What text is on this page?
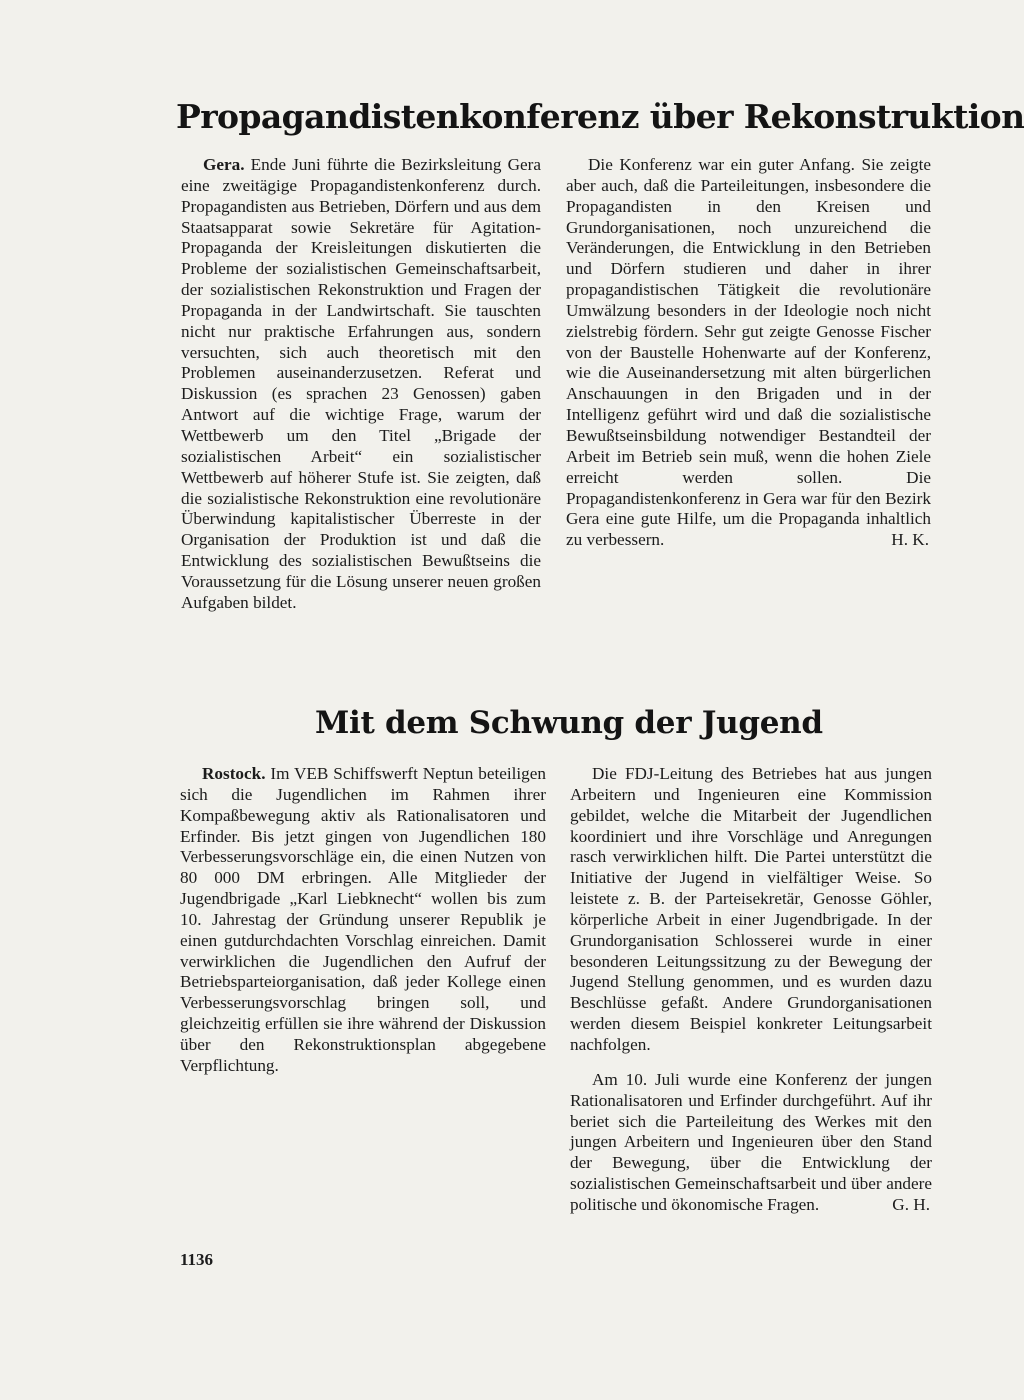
Propagandistenkonferenz über Rekonstruktion

Gera. Ende Juni führte die Bezirksleitung Gera eine zweitägige Propagandistenkonferenz durch. Propagandisten aus Betrieben, Dörfern und aus dem Staatsapparat sowie Sekretäre für Agitation-Propaganda der Kreisleitungen diskutierten die Probleme der sozialistischen Gemeinschaftsarbeit, der sozialistischen Rekonstruktion und Fragen der Propaganda in der Landwirtschaft. Sie tauschten nicht nur praktische Erfahrungen aus, sondern versuchten, sich auch theoretisch mit den Problemen auseinanderzusetzen. Referat und Diskussion (es sprachen 23 Genossen) gaben Antwort auf die wichtige Frage, warum der Wettbewerb um den Titel „Brigade der sozialistischen Arbeit“ ein sozialistischer Wettbewerb auf höherer Stufe ist. Sie zeigten, daß die sozialistische Rekonstruktion eine revolutionäre Überwindung kapitalistischer Überreste in der Organisation der Produktion ist und daß die Entwicklung des sozialistischen Bewußtseins die Voraussetzung für die Lösung unserer neuen großen Aufgaben bildet.

Die Konferenz war ein guter Anfang. Sie zeigte aber auch, daß die Parteileitungen, insbesondere die Propagandisten in den Kreisen und Grundorganisationen, noch unzureichend die Veränderungen, die Entwicklung in den Betrieben und Dörfern studieren und daher in ihrer propagandistischen Tätigkeit die revolutionäre Umwälzung besonders in der Ideologie noch nicht zielstrebig fördern. Sehr gut zeigte Genosse Fischer von der Baustelle Hohenwarte auf der Konferenz, wie die Auseinandersetzung mit alten bürgerlichen Anschauungen in den Brigaden und in der Intelligenz geführt wird und daß die sozialistische Bewußtseinsbildung notwendiger Bestandteil der Arbeit im Betrieb sein muß, wenn die hohen Ziele erreicht werden sollen. Die Propagandistenkonferenz in Gera war für den Bezirk Gera eine gute Hilfe, um die Propaganda inhaltlich zu verbessern.	H. K.

Mit dem Schwung der Jugend

Rostock. Im VEB Schiffswerft Neptun beteiligen sich die Jugendlichen im Rahmen ihrer Kompaßbewegung aktiv als Rationalisatoren und Erfinder. Bis jetzt gingen von Jugendlichen 180 Verbesserungsvorschläge ein, die einen Nutzen von 80 000 DM erbringen. Alle Mitglieder der Jugendbrigade „Karl Liebknecht“ wollen bis zum 10. Jahrestag der Gründung unserer Republik je einen gutdurchdachten Vorschlag einreichen. Damit verwirklichen die Jugendlichen den Aufruf der Betriebsparteiorganisation, daß jeder Kollege einen Verbesserungsvorschlag bringen soll, und gleichzeitig erfüllen sie ihre während der Diskussion über den Rekonstruktionsplan abgegebene Verpflichtung.

Die FDJ-Leitung des Betriebes hat aus jungen Arbeitern und Ingenieuren eine Kommission gebildet, welche die Mitarbeit der Jugendlichen koordiniert und ihre Vorschläge und Anregungen rasch verwirklichen hilft. Die Partei unterstützt die Initiative der Jugend in vielfältiger Weise. So leistete z. B. der Parteisekretär, Genosse Göhler, körperliche Arbeit in einer Jugendbrigade. In der Grundorganisation Schlosserei wurde in einer besonderen Leitungssitzung zu der Bewegung der Jugend Stellung genommen, und es wurden dazu Beschlüsse gefaßt. Andere Grundorganisationen werden diesem Beispiel konkreter Leitungsarbeit nachfolgen.

Am 10. Juli wurde eine Konferenz der jungen Rationalisatoren und Erfinder durchgeführt. Auf ihr beriet sich die Parteileitung des Werkes mit den jungen Arbeitern und Ingenieuren über den Stand der Bewegung, über die Entwicklung der sozialistischen Gemeinschaftsarbeit und über andere politische und ökonomische Fragen.	G. H.

1136
